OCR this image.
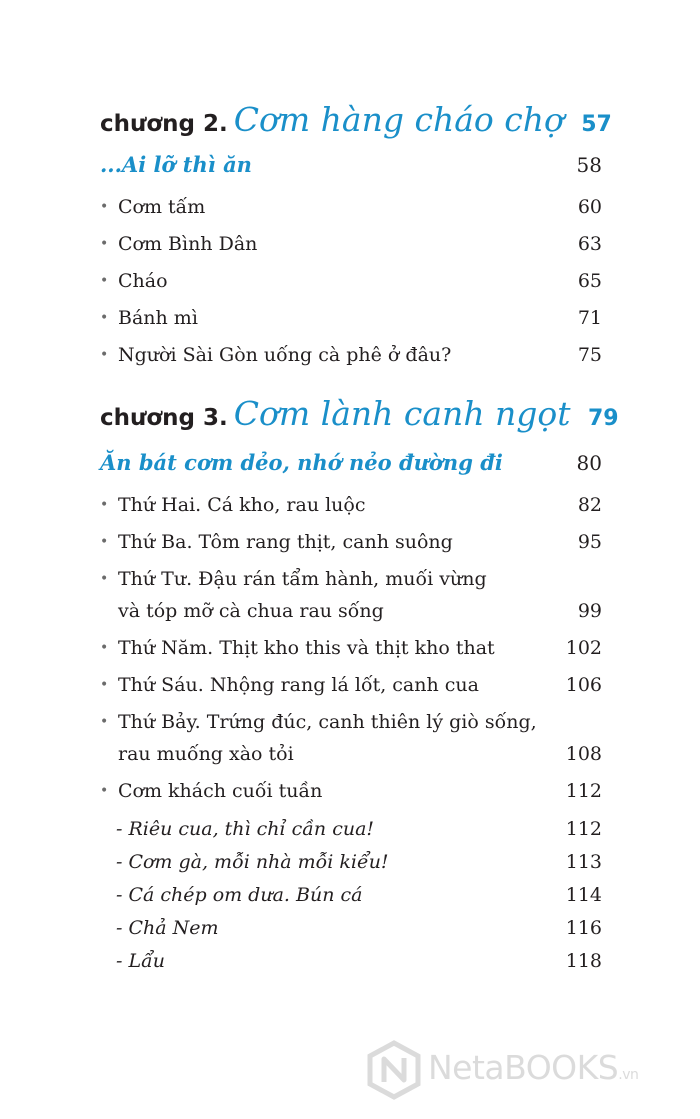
chương 2. Cơm hàng cháo chợ 57
...Ai lỡ thì ăn	58
• Cơm tấm	60
• Cơm Bình Dân	63
• Cháo	65
• Bánh mì	71
• Người Sài Gòn uống cà phê ở đâu?	75
chương 3. Cơm lành canh ngọt 79
Ăn bát cơm dẻo, nhớ nẻo đường đi	80
• Thứ Hai. Cá kho, rau luộc	82
• Thứ Ba. Tôm rang thịt, canh suông	95
• Thứ Tư. Đậu rán tẩm hành, muối vừng
và tóp mỡ cà chua rau sống	99
• Thứ Năm. Thịt kho this và thịt kho that	102
• Thứ Sáu. Nhộng rang lá lốt, canh cua	106
• Thứ Bảy. Trứng đúc, canh thiên lý giò sống,
rau muống xào tỏi	108
• Cơm khách cuối tuần	112
- Riêu cua, thì chỉ cần cua!	112
- Cơm gà, mỗi nhà mỗi kiểu!	113
- Cá chép om dưa. Bún cá	114
- Chả Nem	116
- Lẩu	118
NetaBOOKS.vn
